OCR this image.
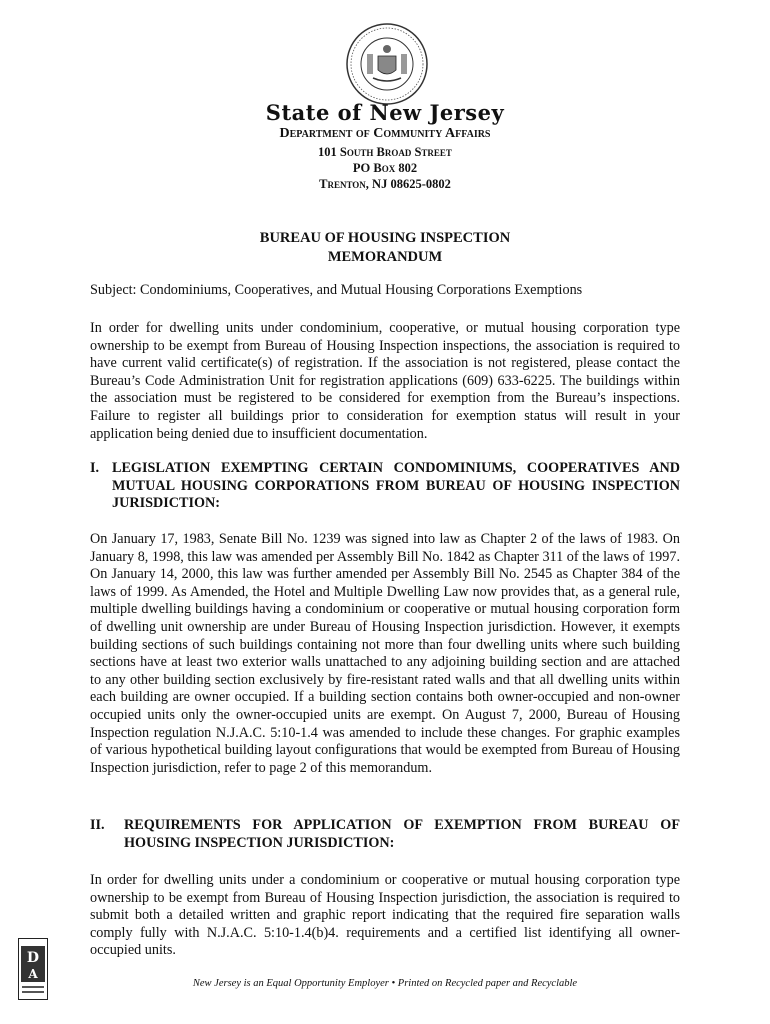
State of New Jersey
Department of Community Affairs
101 South Broad Street
PO Box 802
Trenton, NJ 08625-0802
BUREAU OF HOUSING INSPECTION
MEMORANDUM

Subject: Condominiums, Cooperatives, and Mutual Housing Corporations Exemptions

In order for dwelling units under condominium, cooperative, or mutual housing corporation type ownership to be exempt from Bureau of Housing Inspection inspections, the association is required to have current valid certificate(s) of registration. If the association is not registered, please contact the Bureau’s Code Administration Unit for registration applications (609) 633-6225. The buildings within the association must be registered to be considered for exemption from the Bureau’s inspections. Failure to register all buildings prior to consideration for exemption status will result in your application being denied due to insufficient documentation.

I. LEGISLATION EXEMPTING CERTAIN CONDOMINIUMS, COOPERATIVES AND MUTUAL HOUSING CORPORATIONS FROM BUREAU OF HOUSING INSPECTION JURISDICTION:

On January 17, 1983, Senate Bill No. 1239 was signed into law as Chapter 2 of the laws of 1983. On January 8, 1998, this law was amended per Assembly Bill No. 1842 as Chapter 311 of the laws of 1997. On January 14, 2000, this law was further amended per Assembly Bill No. 2545 as Chapter 384 of the laws of 1999. As Amended, the Hotel and Multiple Dwelling Law now provides that, as a general rule, multiple dwelling buildings having a condominium or cooperative or mutual housing corporation form of dwelling unit ownership are under Bureau of Housing Inspection jurisdiction. However, it exempts building sections of such buildings containing not more than four dwelling units where such building sections have at least two exterior walls unattached to any adjoining building section and are attached to any other building section exclusively by fire-resistant rated walls and that all dwelling units within each building are owner occupied. If a building section contains both owner-occupied and non-owner occupied units only the owner-occupied units are exempt. On August 7, 2000, Bureau of Housing Inspection regulation N.J.A.C. 5:10-1.4 was amended to include these changes. For graphic examples of various hypothetical building layout configurations that would be exempted from Bureau of Housing Inspection jurisdiction, refer to page 2 of this memorandum.

II.	REQUIREMENTS FOR APPLICATION OF EXEMPTION FROM BUREAU OF HOUSING INSPECTION JURISDICTION:

In order for dwelling units under a condominium or cooperative or mutual housing corporation type ownership to be exempt from Bureau of Housing Inspection jurisdiction, the association is required to submit both a detailed written and graphic report indicating that the required fire separation walls comply fully with N.J.A.C. 5:10-1.4(b)4. requirements and a certified list identifying all owner-occupied units.

D
A
New Jersey is an Equal Opportunity Employer • Printed on Recycled paper and Recyclable
